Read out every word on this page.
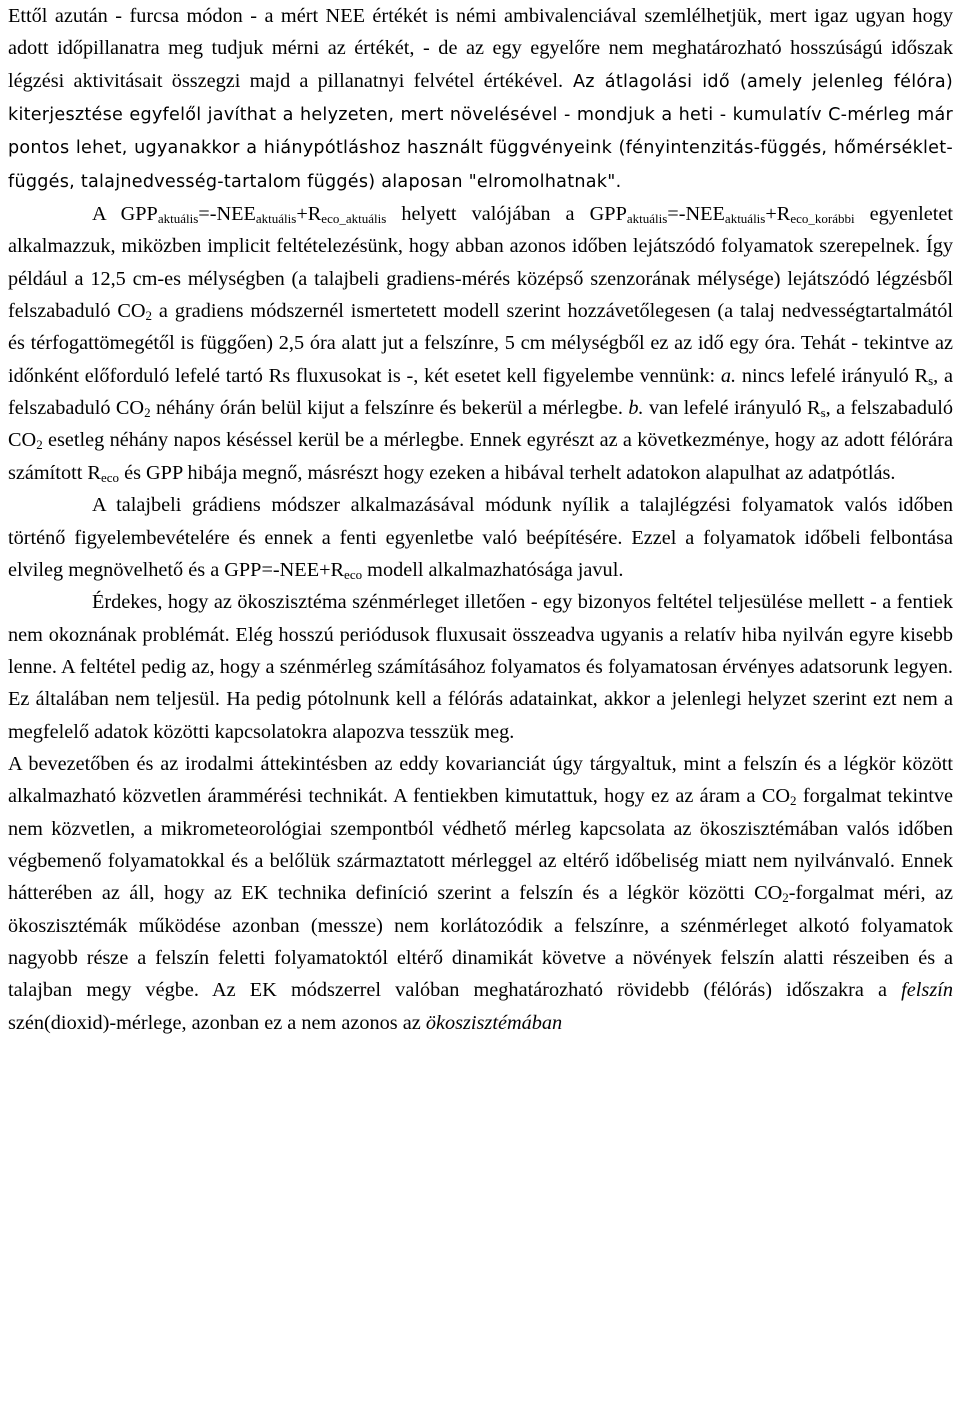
Ettől azután - furcsa módon - a mért NEE értékét is némi ambivalenciával szemlélhetjük, mert igaz ugyan hogy adott időpillanatra meg tudjuk mérni az értékét, - de az egy egyelőre nem meghatározható hosszúságú időszak légzési aktivitásait összegzi majd a pillanatnyi felvétel értékével. Az átlagolási idő (amely jelenleg félóra) kiterjesztése egyfelől javíthat a helyzeten, mert növelésével - mondjuk a heti - kumulatív C-mérleg már pontos lehet, ugyanakkor a hiánypótláshoz használt függvényeink (fényintenzitás-függés, hőmérséklet-függés, talajnedvesség-tartalom függés) alaposan "elromolhatnak".

A $GPP_{aktuális}=-NEE_{aktuális}+R_{eco\_aktuális}$ helyett valójában a $GPP_{aktuális}=-NEE_{aktuális}+R_{eco\_korábbi}$ egyenletet alkalmazzuk, miközben implicit feltételezésünk, hogy abban azonos időben lejátszódó folyamatok szerepelnek. Így például a 12,5 cm-es mélységben (a talajbeli gradiens-mérés középső szenzorának mélysége) lejátszódó légzésből felszabaduló $CO_2$ a gradiens módszernél ismertetett modell szerint hozzávetőlegesen (a talaj nedvességtartalmától és térfogattömegétől is függően) 2,5 óra alatt jut a felszínre, 5 cm mélységből ez az idő egy óra. Tehát - tekintve az időnként előforduló lefelé tartó Rs fluxusokat is -, két esetet kell figyelembe vennünk: a. nincs lefelé irányuló $R_s$, a felszabaduló $CO_2$ néhány órán belül kijut a felszínre és bekerül a mérlegbe. b. van lefelé irányuló $R_s$, a felszabaduló $CO_2$ esetleg néhány napos késéssel kerül be a mérlegbe. Ennek egyrészt az a következménye, hogy az adott félórára számított $R_{eco}$ és GPP hibája megnő, másrészt hogy ezeken a hibával terhelt adatokon alapulhat az adatpótlás.

A talajbeli grádiens módszer alkalmazásával módunk nyílik a talajlégzési folyamatok valós időben történő figyelembevételére és ennek a fenti egyenletbe való beépítésére. Ezzel a folyamatok időbeli felbontása elvileg megnövelhető és a $GPP=-NEE+R_{eco}$ modell alkalmazhatósága javul.

Érdekes, hogy az ökoszisztéma szénmérleget illetően - egy bizonyos feltétel teljesülése mellett - a fentiek nem okoznának problémát. Elég hosszú periódusok fluxusait összeadva ugyanis a relatív hiba nyilván egyre kisebb lenne. A feltétel pedig az, hogy a szénmérleg számításához folyamatos és folyamatosan érvényes adatsorunk legyen. Ez általában nem teljesül. Ha pedig pótolnunk kell a félórás adatainkat, akkor a jelenlegi helyzet szerint ezt nem a megfelelő adatok közötti kapcsolatokra alapozva tesszük meg.

A bevezetőben és az irodalmi áttekintésben az eddy kovarianciát úgy tárgyaltuk, mint a felszín és a légkör között alkalmazható közvetlen árammérési technikát. A fentiekben kimutattuk, hogy ez az áram a $CO_2$ forgalmat tekintve nem közvetlen, a mikrometeorológiai szempontból védhető mérleg kapcsolata az ökoszisztémában valós időben végbemenő folyamatokkal és a belőlük származtatott mérleggel az eltérő időbeliség miatt nem nyilvánvaló. Ennek hátterében az áll, hogy az EK technika definíció szerint a felszín és a légkör közötti $CO_2$-forgalmat méri, az ökoszisztémák működése azonban (messze) nem korlátozódik a felszínre, a szénmérleget alkotó folyamatok nagyobb része a felszín feletti folyamatoktól eltérő dinamikát követve a növények felszín alatti részeiben és a talajban megy végbe. Az EK módszerrel valóban meghatározható rövidebb (félórás) időszakra a felszín szén(dioxid)-mérlege, azonban ez a nem azonos az ökoszisztémában
